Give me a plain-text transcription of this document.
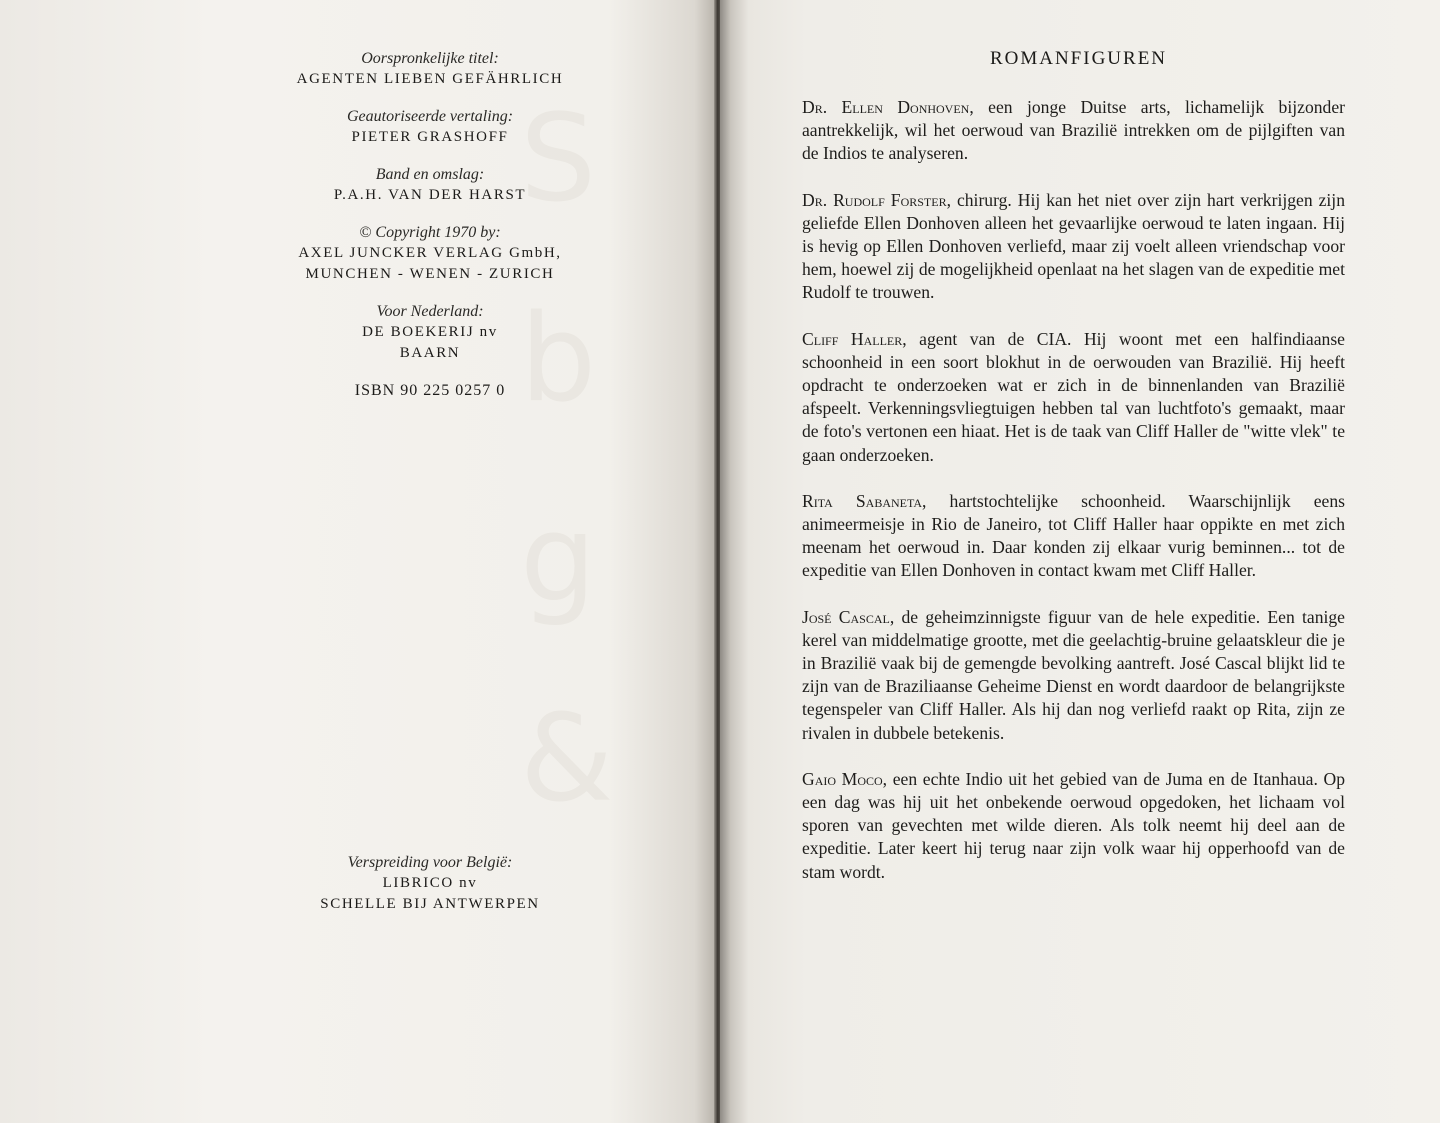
S
b
g
&
Oorspronkelijke titel:
AGENTEN LIEBEN GEFÄHRLICH
Geautoriseerde vertaling:
PIETER GRASHOFF
Band en omslag:
P.A.H. VAN DER HARST
© Copyright 1970 by:
AXEL JUNCKER VERLAG GmbH,
MUNCHEN - WENEN - ZURICH
Voor Nederland:
DE BOEKERIJ nv
BAARN
ISBN 90 225 0257 0
Verspreiding voor België:
LIBRICO nv
SCHELLE BIJ ANTWERPEN
ROMANFIGUREN

Dr. Ellen Donhoven, een jonge Duitse arts, lichamelijk bijzonder aantrekkelijk, wil het oerwoud van Brazilië intrekken om de pijlgiften van de Indios te analyseren.

Dr. Rudolf Forster, chirurg. Hij kan het niet over zijn hart verkrijgen zijn geliefde Ellen Donhoven alleen het gevaarlijke oerwoud te laten ingaan. Hij is hevig op Ellen Donhoven verliefd, maar zij voelt alleen vriendschap voor hem, hoewel zij de mogelijkheid openlaat na het slagen van de expeditie met Rudolf te trouwen.

Cliff Haller, agent van de CIA. Hij woont met een halfindiaanse schoonheid in een soort blokhut in de oerwouden van Brazilië. Hij heeft opdracht te onderzoeken wat er zich in de binnenlanden van Brazilië afspeelt. Verkenningsvliegtuigen hebben tal van luchtfoto's gemaakt, maar de foto's vertonen een hiaat. Het is de taak van Cliff Haller de "witte vlek" te gaan onderzoeken.

Rita Sabaneta, hartstochtelijke schoonheid. Waarschijnlijk eens animeermeisje in Rio de Janeiro, tot Cliff Haller haar oppikte en met zich meenam het oerwoud in. Daar konden zij elkaar vurig beminnen... tot de expeditie van Ellen Donhoven in contact kwam met Cliff Haller.

José Cascal, de geheimzinnigste figuur van de hele expeditie. Een tanige kerel van middelmatige grootte, met die geelachtig-bruine gelaatskleur die je in Brazilië vaak bij de gemengde bevolking aantreft. José Cascal blijkt lid te zijn van de Braziliaanse Geheime Dienst en wordt daardoor de belangrijkste tegenspeler van Cliff Haller. Als hij dan nog verliefd raakt op Rita, zijn ze rivalen in dubbele betekenis.

Gaio Moco, een echte Indio uit het gebied van de Juma en de Itanhaua. Op een dag was hij uit het onbekende oerwoud opgedoken, het lichaam vol sporen van gevechten met wilde dieren. Als tolk neemt hij deel aan de expeditie. Later keert hij terug naar zijn volk waar hij opperhoofd van de stam wordt.
